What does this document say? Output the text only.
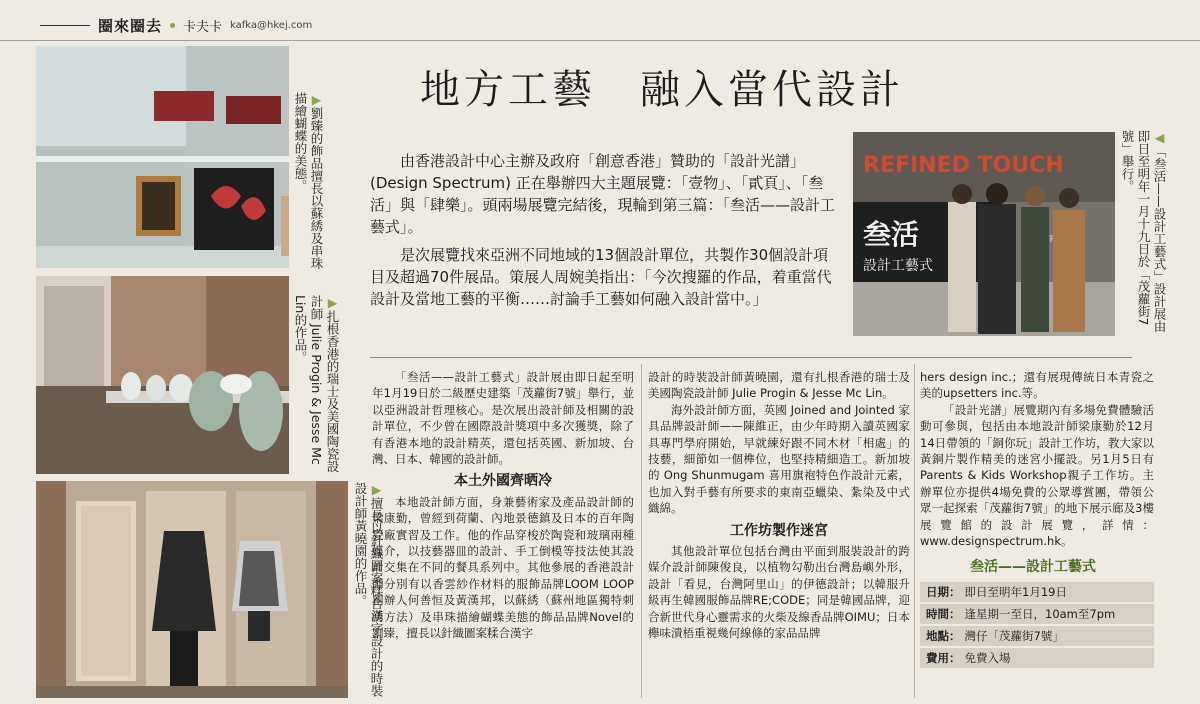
圈來圈去 卡夫卡 kafka@hkej.com
地方工藝　融入當代設計
REFINED TOUCH
叁活
設計工藝式
▶劉臻的飾品擅長以蘇綉及串珠描繪蝴蝶的美態。
▶扎根香港的瑞士及美國陶瓷設計師 Julie Progin & Jesse Mc Lin的作品。
▶擅長以針織圖案糅合漢字設計的時裝設計師黃曉園的作品。
◀「叁活——設計工藝式」設計展由即日至明年一月十九日於「茂蘿街7號」舉行。

由香港設計中心主辦及政府「創意香港」贊助的「設計光譜」(Design Spectrum) 正在舉辦四大主題展覽：「壹物」、「貳頁」、「叁活」與「肆樂」。頭兩場展覽完結後，現輪到第三篇：「叁活——設計工藝式」。

是次展覽找來亞洲不同地域的13個設計單位，共製作30個設計項目及超過70件展品。策展人周婉美指出：「今次搜羅的作品，着重當代設計及當地工藝的平衡……討論手工藝如何融入設計當中。」

「叁活——設計工藝式」設計展由即日起至明年1月19日於二級歷史建築「茂蘿街7號」舉行，並以亞洲設計哲理核心。是次展出設計師及相關的設計單位，不少曾在國際設計獎項中多次獲獎，除了有香港本地的設計精英，還包括英國、新加坡、台灣、日本、韓國的設計師。

本土外國齊晒冷

本地設計師方面，身兼藝術家及產品設計師的梁康勤，曾經到荷蘭、內地景德鎮及日本的百年陶瓷廠實習及工作。他的作品穿梭於陶瓷和玻璃兩種媒介，以技藝器皿的設計、手工倒模等技法使其設計交集在不同的餐具系列中。其他參展的香港設計師分別有以香雲紗作材料的服飾品牌LOOM LOOP創辦人何善恒及黃漢邦，以蘇綉（蘇州地區獨特刺綉方法）及串珠描繪蝴蝶美態的飾品品牌Novel的劉臻，擅長以針織圖案糅合漢字

設計的時裝設計師黃曉園，還有扎根香港的瑞士及美國陶瓷設計師 Julie Progin & Jesse Mc Lin。

海外設計師方面，英國 Joined and Jointed 家具品牌設計師——陳維正，由少年時期入讀英國家具專門學府開始，早就練好跟不同木材「相處」的技藝，細節如一個榫位，也堅持精細造工。新加坡的 Ong Shunmugam 喜用旗袍特色作設計元素，也加入對手藝有所要求的東南亞蠟染、紮染及中式織綿。

工作坊製作迷宮

其他設計單位包括台灣由平面到服裝設計的跨媒介設計師陳俊良，以植物勾勒出台灣島嶼外形，設計「看見，台灣阿里山」的伊德設計；以韓服升級再生韓國服飾品牌RE;CODE；同是韓國品牌，迎合新世代身心靈需求的火柴及線香品牌OIMU；日本櫸味潰梧重視幾何線條的家品品牌

hers design inc.；還有展現傳統日本青瓷之美的upsetters inc.等。

「設計光譜」展覽期內有多場免費體驗活動可參與，包括由本地設計師梁康勤於12月14日帶領的「銅你玩」設計工作坊，教大家以黃銅片製作精美的迷宮小擺設。另1月5日有Parents & Kids Workshop親子工作坊。主辦單位亦提供4場免費的公眾導賞團，帶領公眾一起探索「茂蘿街7號」的地下展示廊及3樓展覽館的設計展覽，詳情：www.designspectrum.hk。

叁活——設計工藝式
日期： 即日至明年1月19日
時間： 逢星期一至日，10am至7pm
地點： 灣仔「茂蘿街7號」
費用： 免費入場
